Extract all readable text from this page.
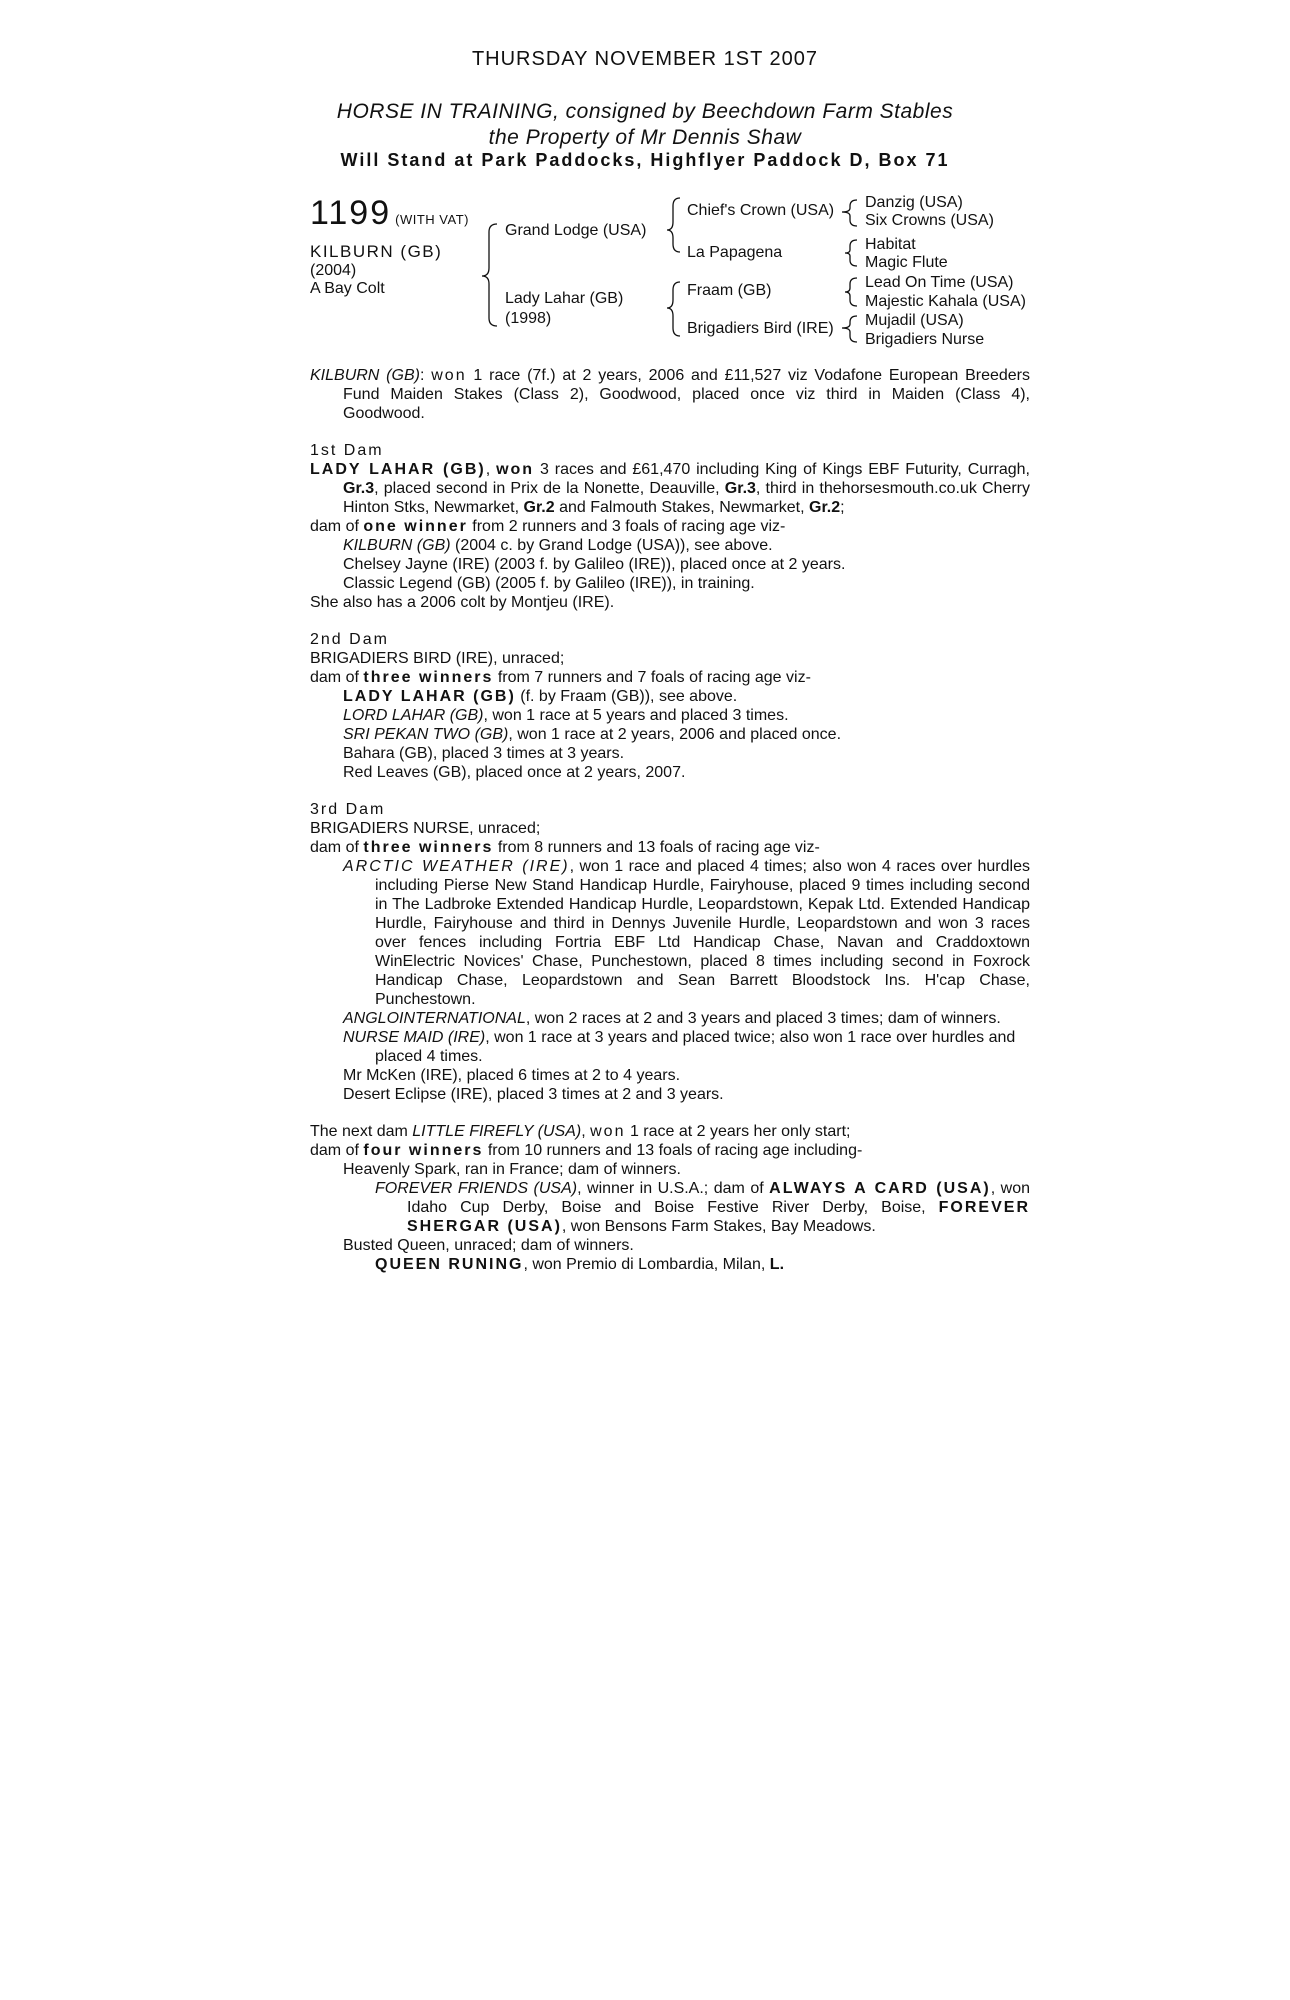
THURSDAY NOVEMBER 1ST 2007
HORSE IN TRAINING, consigned by Beechdown Farm Stables
the Property of Mr Dennis Shaw
Will Stand at Park Paddocks, Highflyer Paddock D, Box 71
1199 (WITH VAT)
KILBURN (GB)
(2004)
A Bay Colt
Grand Lodge (USA)
Lady Lahar (GB)
(1998)
Chief's Crown (USA)
La Papagena
Fraam (GB)
Brigadiers Bird (IRE)
Danzig (USA)
Six Crowns (USA)
Habitat
Magic Flute
Lead On Time (USA)
Majestic Kahala (USA)
Mujadil (USA)
Brigadiers Nurse

KILBURN (GB): won 1 race (7f.) at 2 years, 2006 and £11,527 viz Vodafone European Breeders Fund Maiden Stakes (Class 2), Goodwood, placed once viz third in Maiden (Class 4), Goodwood.

1st Dam

LADY LAHAR (GB), won 3 races and £61,470 including King of Kings EBF Futurity, Curragh, Gr.3, placed second in Prix de la Nonette, Deauville, Gr.3, third in thehorsesmouth.co.uk Cherry Hinton Stks, Newmarket, Gr.2 and Falmouth Stakes, Newmarket, Gr.2;

dam of one winner from 2 runners and 3 foals of racing age viz-

KILBURN (GB) (2004 c. by Grand Lodge (USA)), see above.

Chelsey Jayne (IRE) (2003 f. by Galileo (IRE)), placed once at 2 years.

Classic Legend (GB) (2005 f. by Galileo (IRE)), in training.

She also has a 2006 colt by Montjeu (IRE).

2nd Dam

BRIGADIERS BIRD (IRE), unraced;

dam of three winners from 7 runners and 7 foals of racing age viz-

LADY LAHAR (GB) (f. by Fraam (GB)), see above.

LORD LAHAR (GB), won 1 race at 5 years and placed 3 times.

SRI PEKAN TWO (GB), won 1 race at 2 years, 2006 and placed once.

Bahara (GB), placed 3 times at 3 years.

Red Leaves (GB), placed once at 2 years, 2007.

3rd Dam

BRIGADIERS NURSE, unraced;

dam of three winners from 8 runners and 13 foals of racing age viz-

ARCTIC WEATHER (IRE), won 1 race and placed 4 times; also won 4 races over hurdles including Pierse New Stand Handicap Hurdle, Fairyhouse, placed 9 times including second in The Ladbroke Extended Handicap Hurdle, Leopardstown, Kepak Ltd. Extended Handicap Hurdle, Fairyhouse and third in Dennys Juvenile Hurdle, Leopardstown and won 3 races over fences including Fortria EBF Ltd Handicap Chase, Navan and Craddoxtown WinElectric Novices' Chase, Punchestown, placed 8 times including second in Foxrock Handicap Chase, Leopardstown and Sean Barrett Bloodstock Ins. H'cap Chase, Punchestown.

ANGLOINTERNATIONAL, won 2 races at 2 and 3 years and placed 3 times; dam of winners.

NURSE MAID (IRE), won 1 race at 3 years and placed twice; also won 1 race over hurdles and placed 4 times.

Mr McKen (IRE), placed 6 times at 2 to 4 years.

Desert Eclipse (IRE), placed 3 times at 2 and 3 years.

The next dam LITTLE FIREFLY (USA), won 1 race at 2 years her only start;

dam of four winners from 10 runners and 13 foals of racing age including-

Heavenly Spark, ran in France; dam of winners.

FOREVER FRIENDS (USA), winner in U.S.A.; dam of ALWAYS A CARD (USA), won Idaho Cup Derby, Boise and Boise Festive River Derby, Boise, FOREVER SHERGAR (USA), won Bensons Farm Stakes, Bay Meadows.

Busted Queen, unraced; dam of winners.

QUEEN RUNING, won Premio di Lombardia, Milan, L.
